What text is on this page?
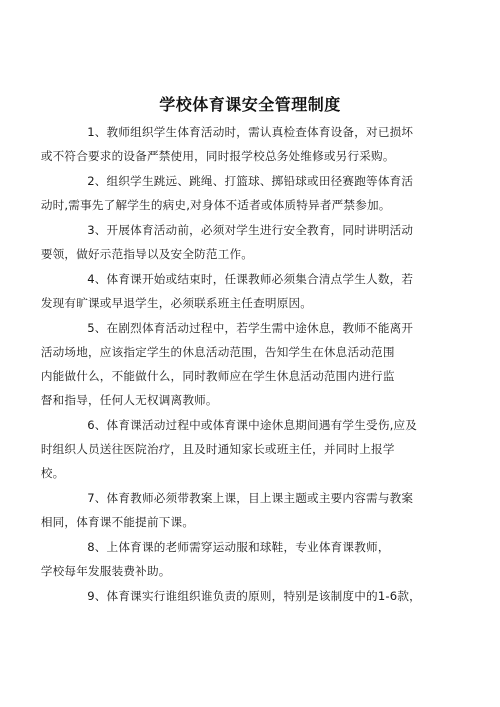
学校体育课安全管理制度
1、教师组织学生体育活动时，需认真检查体育设备，对已损坏
或不符合要求的设备严禁使用，同时报学校总务处维修或另行采购。
2、组织学生跳远、跳绳、打篮球、掷铅球或田径赛跑等体育活
动时,需事先了解学生的病史,对身体不适者或体质特异者严禁参加。
3、开展体育活动前，必须对学生进行安全教育，同时讲明活动
要领，做好示范指导以及安全防范工作。
4、体育课开始或结束时，任课教师必须集合清点学生人数，若
发现有旷课或早退学生，必须联系班主任查明原因。
5、在剧烈体育活动过程中，若学生需中途休息，教师不能离开
活动场地，应该指定学生的休息活动范围，告知学生在休息活动范围
内能做什么，不能做什么，同时教师应在学生休息活动范围内进行监
督和指导，任何人无权调离教师。
6、体育课活动过程中或体育课中途休息期间遇有学生受伤,应及
时组织人员送往医院治疗，且及时通知家长或班主任，并同时上报学
校。
7、体育教师必须带教案上课，目上课主题或主要内容需与教案
相同，体育课不能提前下课。
8、上体育课的老师需穿运动服和球鞋，专业体育课教师，
学校每年发服装费补助。
9、体育课实行谁组织谁负责的原则，特别是该制度中的1-6款，
